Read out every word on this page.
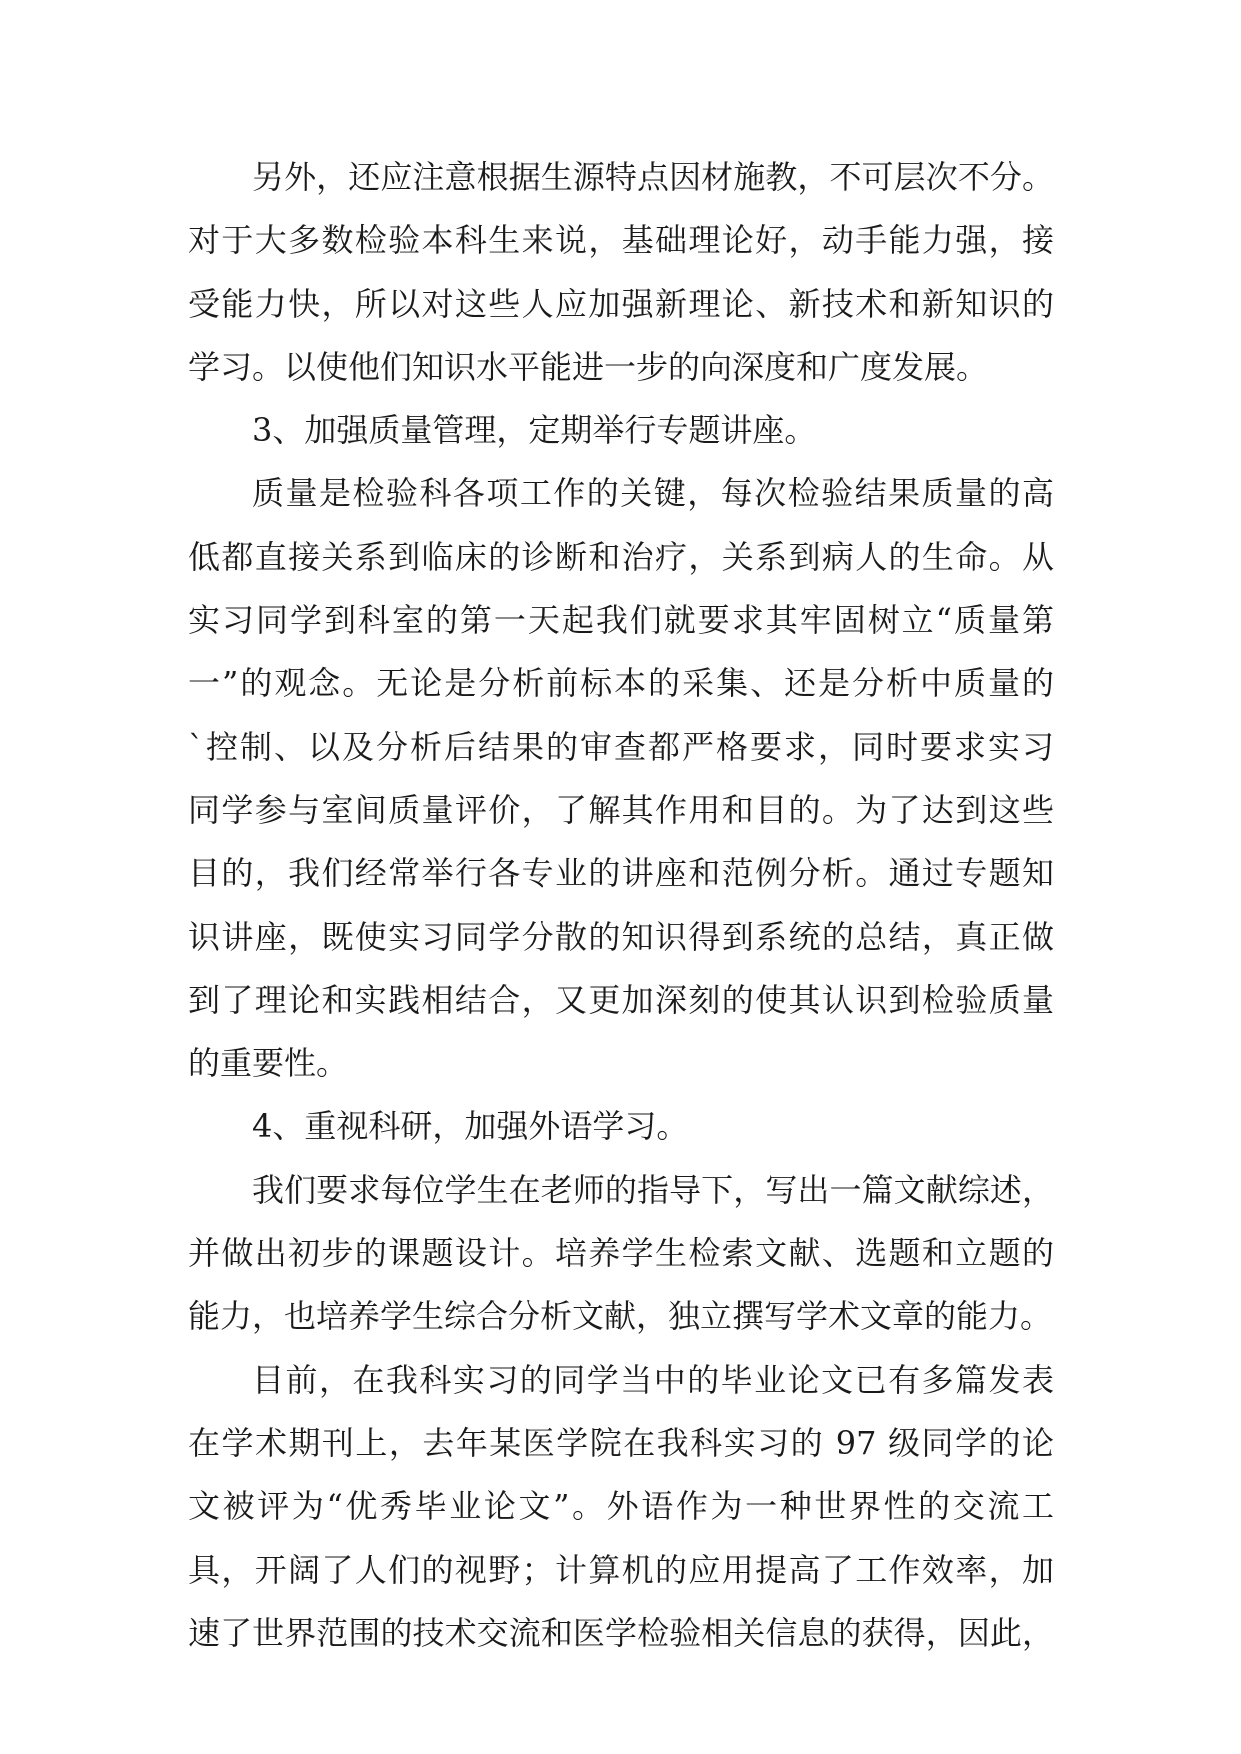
另外，还应注意根据生源特点因材施教，不可层次不分。
对于大多数检验本科生来说，基础理论好，动手能力强，接
受能力快，所以对这些人应加强新理论、新技术和新知识的
学习。以使他们知识水平能进一步的向深度和广度发展。
3、加强质量管理，定期举行专题讲座。
质量是检验科各项工作的关键，每次检验结果质量的高
低都直接关系到临床的诊断和治疗，关系到病人的生命。从
实习同学到科室的第一天起我们就要求其牢固树立“质量第
一”的观念。无论是分析前标本的采集、还是分析中质量的
`控制、以及分析后结果的审查都严格要求，同时要求实习
同学参与室间质量评价，了解其作用和目的。为了达到这些
目的，我们经常举行各专业的讲座和范例分析。通过专题知
识讲座，既使实习同学分散的知识得到系统的总结，真正做
到了理论和实践相结合，又更加深刻的使其认识到检验质量
的重要性。
4、重视科研，加强外语学习。
我们要求每位学生在老师的指导下，写出一篇文献综述，
并做出初步的课题设计。培养学生检索文献、选题和立题的
能力，也培养学生综合分析文献，独立撰写学术文章的能力。
目前，在我科实习的同学当中的毕业论文已有多篇发表
在学术期刊上，去年某医学院在我科实习的 97 级同学的论
文被评为“优秀毕业论文”。外语作为一种世界性的交流工
具，开阔了人们的视野；计算机的应用提高了工作效率，加
速了世界范围的技术交流和医学检验相关信息的获得，因此，
